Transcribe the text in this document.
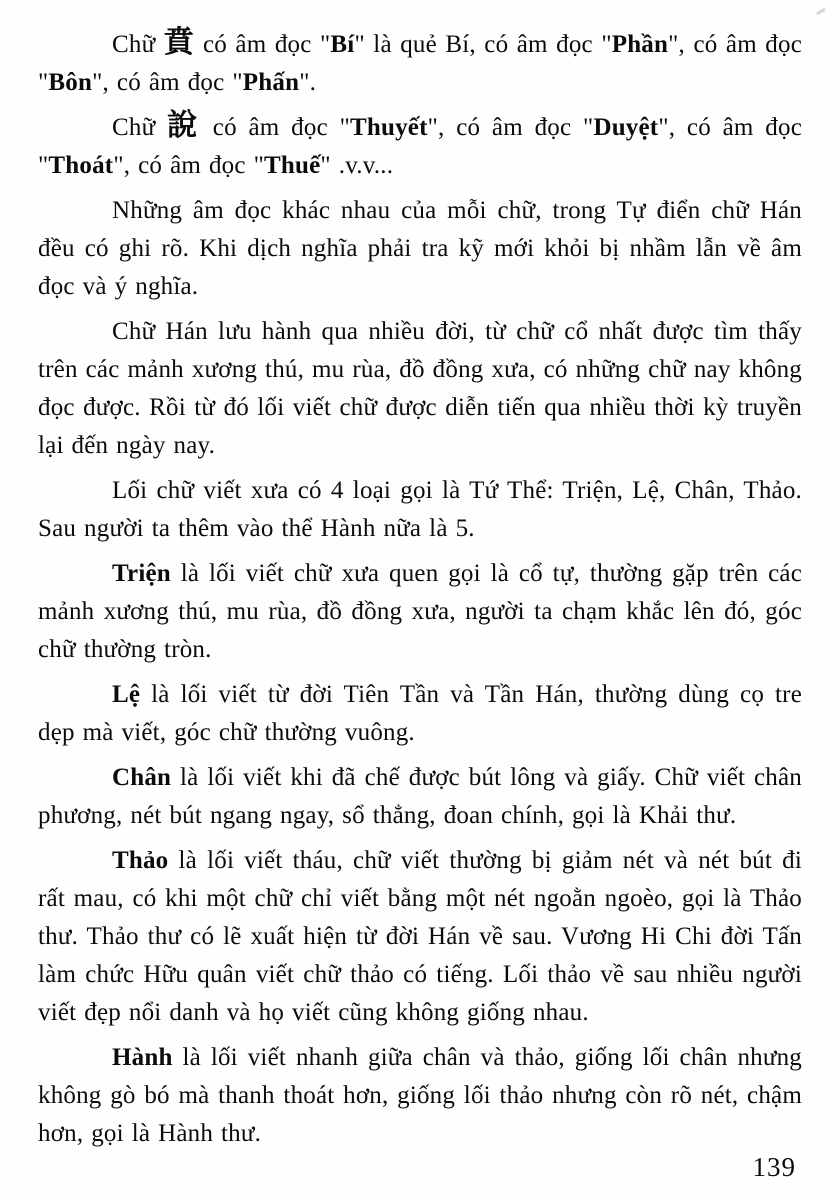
Chữ 賁 có âm đọc "Bí" là quẻ Bí, có âm đọc "Phần", có âm đọc "Bôn", có âm đọc "Phấn".

Chữ 說 có âm đọc "Thuyết", có âm đọc "Duyệt", có âm đọc "Thoát", có âm đọc "Thuế" .v.v...

Những âm đọc khác nhau của mỗi chữ, trong Tự điển chữ Hán đều có ghi rõ. Khi dịch nghĩa phải tra kỹ mới khỏi bị nhầm lẫn về âm đọc và ý nghĩa.

Chữ Hán lưu hành qua nhiều đời, từ chữ cổ nhất được tìm thấy trên các mảnh xương thú, mu rùa, đồ đồng xưa, có những chữ nay không đọc được. Rồi từ đó lối viết chữ được diễn tiến qua nhiều thời kỳ truyền lại đến ngày nay.

Lối chữ viết xưa có 4 loại gọi là Tứ Thể: Triện, Lệ, Chân, Thảo. Sau người ta thêm vào thể Hành nữa là 5.

Triện là lối viết chữ xưa quen gọi là cổ tự, thường gặp trên các mảnh xương thú, mu rùa, đồ đồng xưa, người ta chạm khắc lên đó, góc chữ thường tròn.

Lệ là lối viết từ đời Tiên Tần và Tần Hán, thường dùng cọ tre dẹp mà viết, góc chữ thường vuông.

Chân là lối viết khi đã chế được bút lông và giấy. Chữ viết chân phương, nét bút ngang ngay, sổ thẳng, đoan chính, gọi là Khải thư.

Thảo là lối viết tháu, chữ viết thường bị giảm nét và nét bút đi rất mau, có khi một chữ chỉ viết bằng một nét ngoằn ngoèo, gọi là Thảo thư. Thảo thư có lẽ xuất hiện từ đời Hán về sau. Vương Hi Chi đời Tấn làm chức Hữu quân viết chữ thảo có tiếng. Lối thảo về sau nhiều người viết đẹp nổi danh và họ viết cũng không giống nhau.

Hành là lối viết nhanh giữa chân và thảo, giống lối chân nhưng không gò bó mà thanh thoát hơn, giống lối thảo nhưng còn rõ nét, chậm hơn, gọi là Hành thư.

139
